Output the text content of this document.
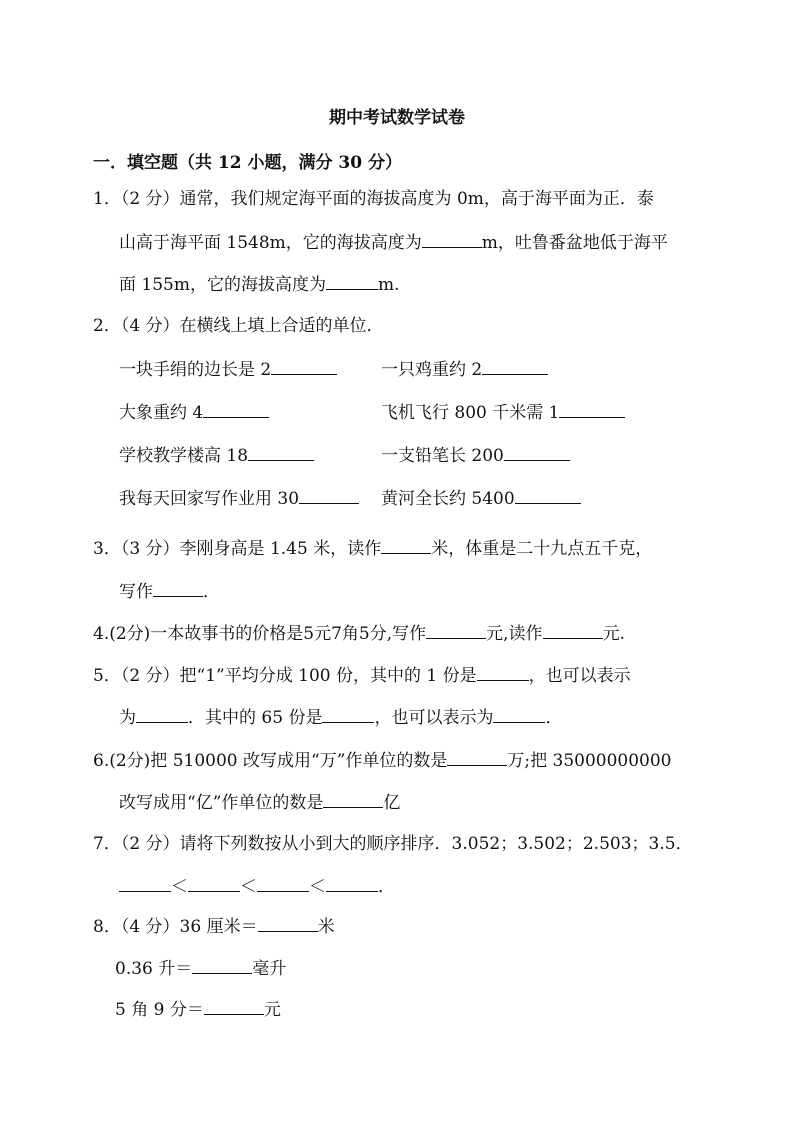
期中考试数学试卷
一．填空题（共 12 小题，满分 30 分）
1．（2 分）通常，我们规定海平面的海拔高度为 0m，高于海平面为正．泰
山高于海平面 1548m，它的海拔高度为	m，吐鲁番盆地低于海平
面 155m，它的海拔高度为	m.
2．（4 分）在横线上填上合适的单位．
一块手绢的边长是 2	一只鸡重约 2
大象重约 4	飞机飞行 800 千米需 1
学校教学楼高 18	一支铅笔长 200
我每天回家写作业用 30	黄河全长约 5400
3．（3 分）李刚身高是 1.45 米，读作	米，体重是二十九点五千克，
写作	．
4.(2分)一本故事书的价格是5元7角5分,写作	元,读作	元.
5．（2 分）把“1”平均分成 100 份，其中的 1 份是	，也可以表示
为	．其中的 65 份是	，也可以表示为	．
6.(2分)把 510000 改写成用“万”作单位的数是	万;把 35000000000
改写成用“亿”作单位的数是	亿
7．（2 分）请将下列数按从小到大的顺序排序．3.052；3.502；2.503；3.5．
＜	＜	＜	．
8．（4 分）36 厘米＝	米
0.36 升＝	毫升
5 角 9 分＝	元
